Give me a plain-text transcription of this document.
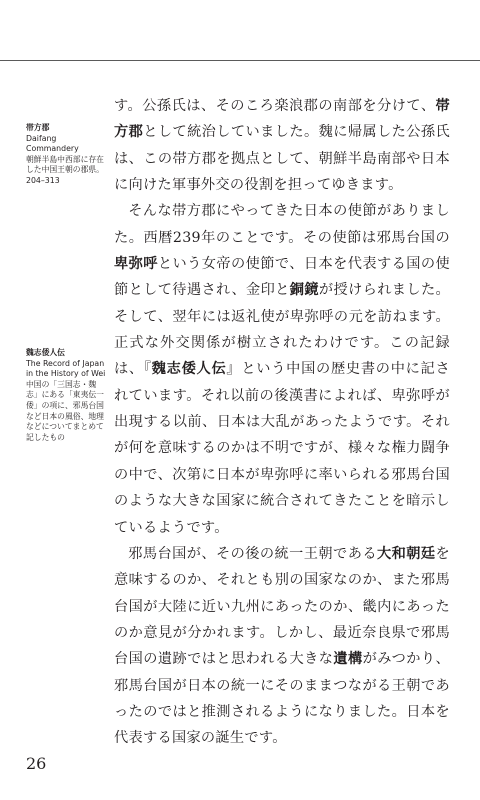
帯方郡
Daifang Commandery
朝鮮半島中西部に存在した中国王朝の郡県。204–313
魏志倭人伝
The Record of Japan in the History of Wei
中国の「三国志・魏志」にある「東夷伝一倭」の項に、邪馬台国など日本の風俗、地理などについてまとめて記したもの

す。公孫氏は、そのころ楽浪郡の南部を分けて、帯方郡として統治していました。魏に帰属した公孫氏は、この帯方郡を拠点として、朝鮮半島南部や日本に向けた軍事外交の役割を担ってゆきます。

そんな帯方郡にやってきた日本の使節がありました。西暦239年のことです。その使節は邪馬台国の卑弥呼という女帝の使節で、日本を代表する国の使節として待遇され、金印と銅鏡が授けられました。そして、翌年には返礼使が卑弥呼の元を訪ねます。正式な外交関係が樹立されたわけです。この記録は、『魏志倭人伝』という中国の歴史書の中に記されています。それ以前の後漢書によれば、卑弥呼が出現する以前、日本は大乱があったようです。それが何を意味するのかは不明ですが、様々な権力闘争の中で、次第に日本が卑弥呼に率いられる邪馬台国のような大きな国家に統合されてきたことを暗示しているようです。

邪馬台国が、その後の統一王朝である大和朝廷を意味するのか、それとも別の国家なのか、また邪馬台国が大陸に近い九州にあったのか、畿内にあったのか意見が分かれます。しかし、最近奈良県で邪馬台国の遺跡ではと思われる大きな遺構がみつかり、邪馬台国が日本の統一にそのままつながる王朝であったのではと推測されるようになりました。日本を代表する国家の誕生です。

26
